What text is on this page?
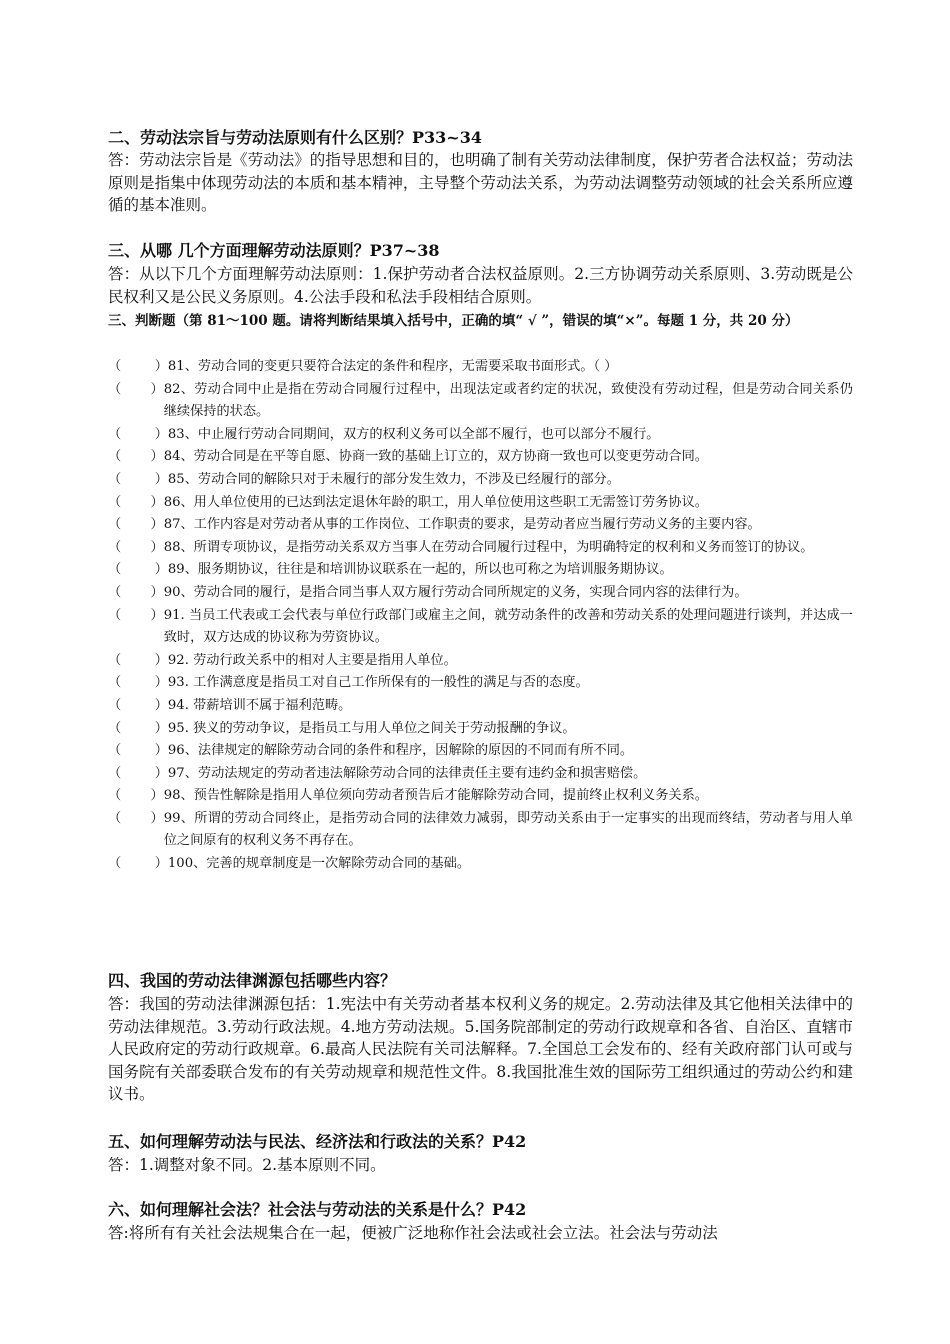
二、劳动法宗旨与劳动法原则有什么区别？P33~34
答：劳动法宗旨是《劳动法》的指导思想和目的，也明确了制有关劳动法律制度，保护劳者合法权益；劳动法原则是指集中体现劳动法的本质和基本精神，主导整个劳动法关系，为劳动法调整劳动领域的社会关系所应遵循的基本准则。
三、从哪 几个方面理解劳动法原则？P37~38
答：从以下几个方面理解劳动法原则：1.保护劳动者合法权益原则。2.三方协调劳动关系原则、3.劳动既是公民权利又是公民义务原则。4.公法手段和私法手段相结合原则。
三、判断题（第 81～100 题。请将判断结果填入括号中，正确的填“ √ ”，错误的填“×”。每题 1 分，共 20 分）
（        ） 81、劳动合同的变更只要符合法定的条件和程序，无需要采取书面形式。（ ）
（       ） 82、劳动合同中止是指在劳动合同履行过程中，出现法定或者约定的状况，致使没有劳动过程，但是劳动合同关系仍继续保持的状态。
（        ） 83、中止履行劳动合同期间，双方的权利义务可以全部不履行，也可以部分不履行。
（       ） 84、劳动合同是在平等自愿、协商一致的基础上订立的，双方协商一致也可以变更劳动合同。
（        ） 85、劳动合同的解除只对于未履行的部分发生效力，不涉及已经履行的部分。
（       ） 86、用人单位使用的已达到法定退休年龄的职工，用人单位使用这些职工无需签订劳务协议。
（       ） 87、工作内容是对劳动者从事的工作岗位、工作职责的要求，是劳动者应当履行劳动义务的主要内容。
（       ） 88、所谓专项协议，是指劳动关系双方当事人在劳动合同履行过程中，为明确特定的权利和义务而签订的协议。
（        ） 89、服务期协议，往往是和培训协议联系在一起的，所以也可称之为培训服务期协议。
（       ） 90、劳动合同的履行，是指合同当事人双方履行劳动合同所规定的义务，实现合同内容的法律行为。
（       ） 91. 当员工代表或工会代表与单位行政部门或雇主之间，就劳动条件的改善和劳动关系的处理问题进行谈判，并达成一致时，双方达成的协议称为劳资协议。
（        ） 92. 劳动行政关系中的相对人主要是指用人单位。
（        ） 93. 工作满意度是指员工对自己工作所保有的一般性的满足与否的态度。
（        ） 94. 带薪培训不属于福利范畴。
（        ） 95. 狭义的劳动争议，是指员工与用人单位之间关于劳动报酬的争议。
（        ） 96、法律规定的解除劳动合同的条件和程序，因解除的原因的不同而有所不同。
（        ） 97、劳动法规定的劳动者违法解除劳动合同的法律责任主要有违约金和损害赔偿。
（       ） 98、预告性解除是指用人单位须向劳动者预告后才能解除劳动合同，提前终止权利义务关系。
（       ） 99、所谓的劳动合同终止，是指劳动合同的法律效力减弱，即劳动关系由于一定事实的出现而终结，劳动者与用人单位之间原有的权利义务不再存在。
（        ） 100、完善的规章制度是一次解除劳动合同的基础。
四、我国的劳动法律渊源包括哪些内容？
答：我国的劳动法律渊源包括：1.宪法中有关劳动者基本权利义务的规定。2.劳动法律及其它他相关法律中的劳动法律规范。3.劳动行政法规。4.地方劳动法规。5.国务院部制定的劳动行政规章和各省、自治区、直辖市人民政府定的劳动行政规章。6.最高人民法院有关司法解释。7.全国总工会发布的、经有关政府部门认可或与国务院有关部委联合发布的有关劳动规章和规范性文件。8.我国批准生效的国际劳工组织通过的劳动公约和建议书。
五、如何理解劳动法与民法、经济法和行政法的关系？P42
答：1.调整对象不同。2.基本原则不同。
六、如何理解社会法？社会法与劳动法的关系是什么？P42
答:将所有有关社会法规集合在一起，便被广泛地称作社会法或社会立法。社会法与劳动法
